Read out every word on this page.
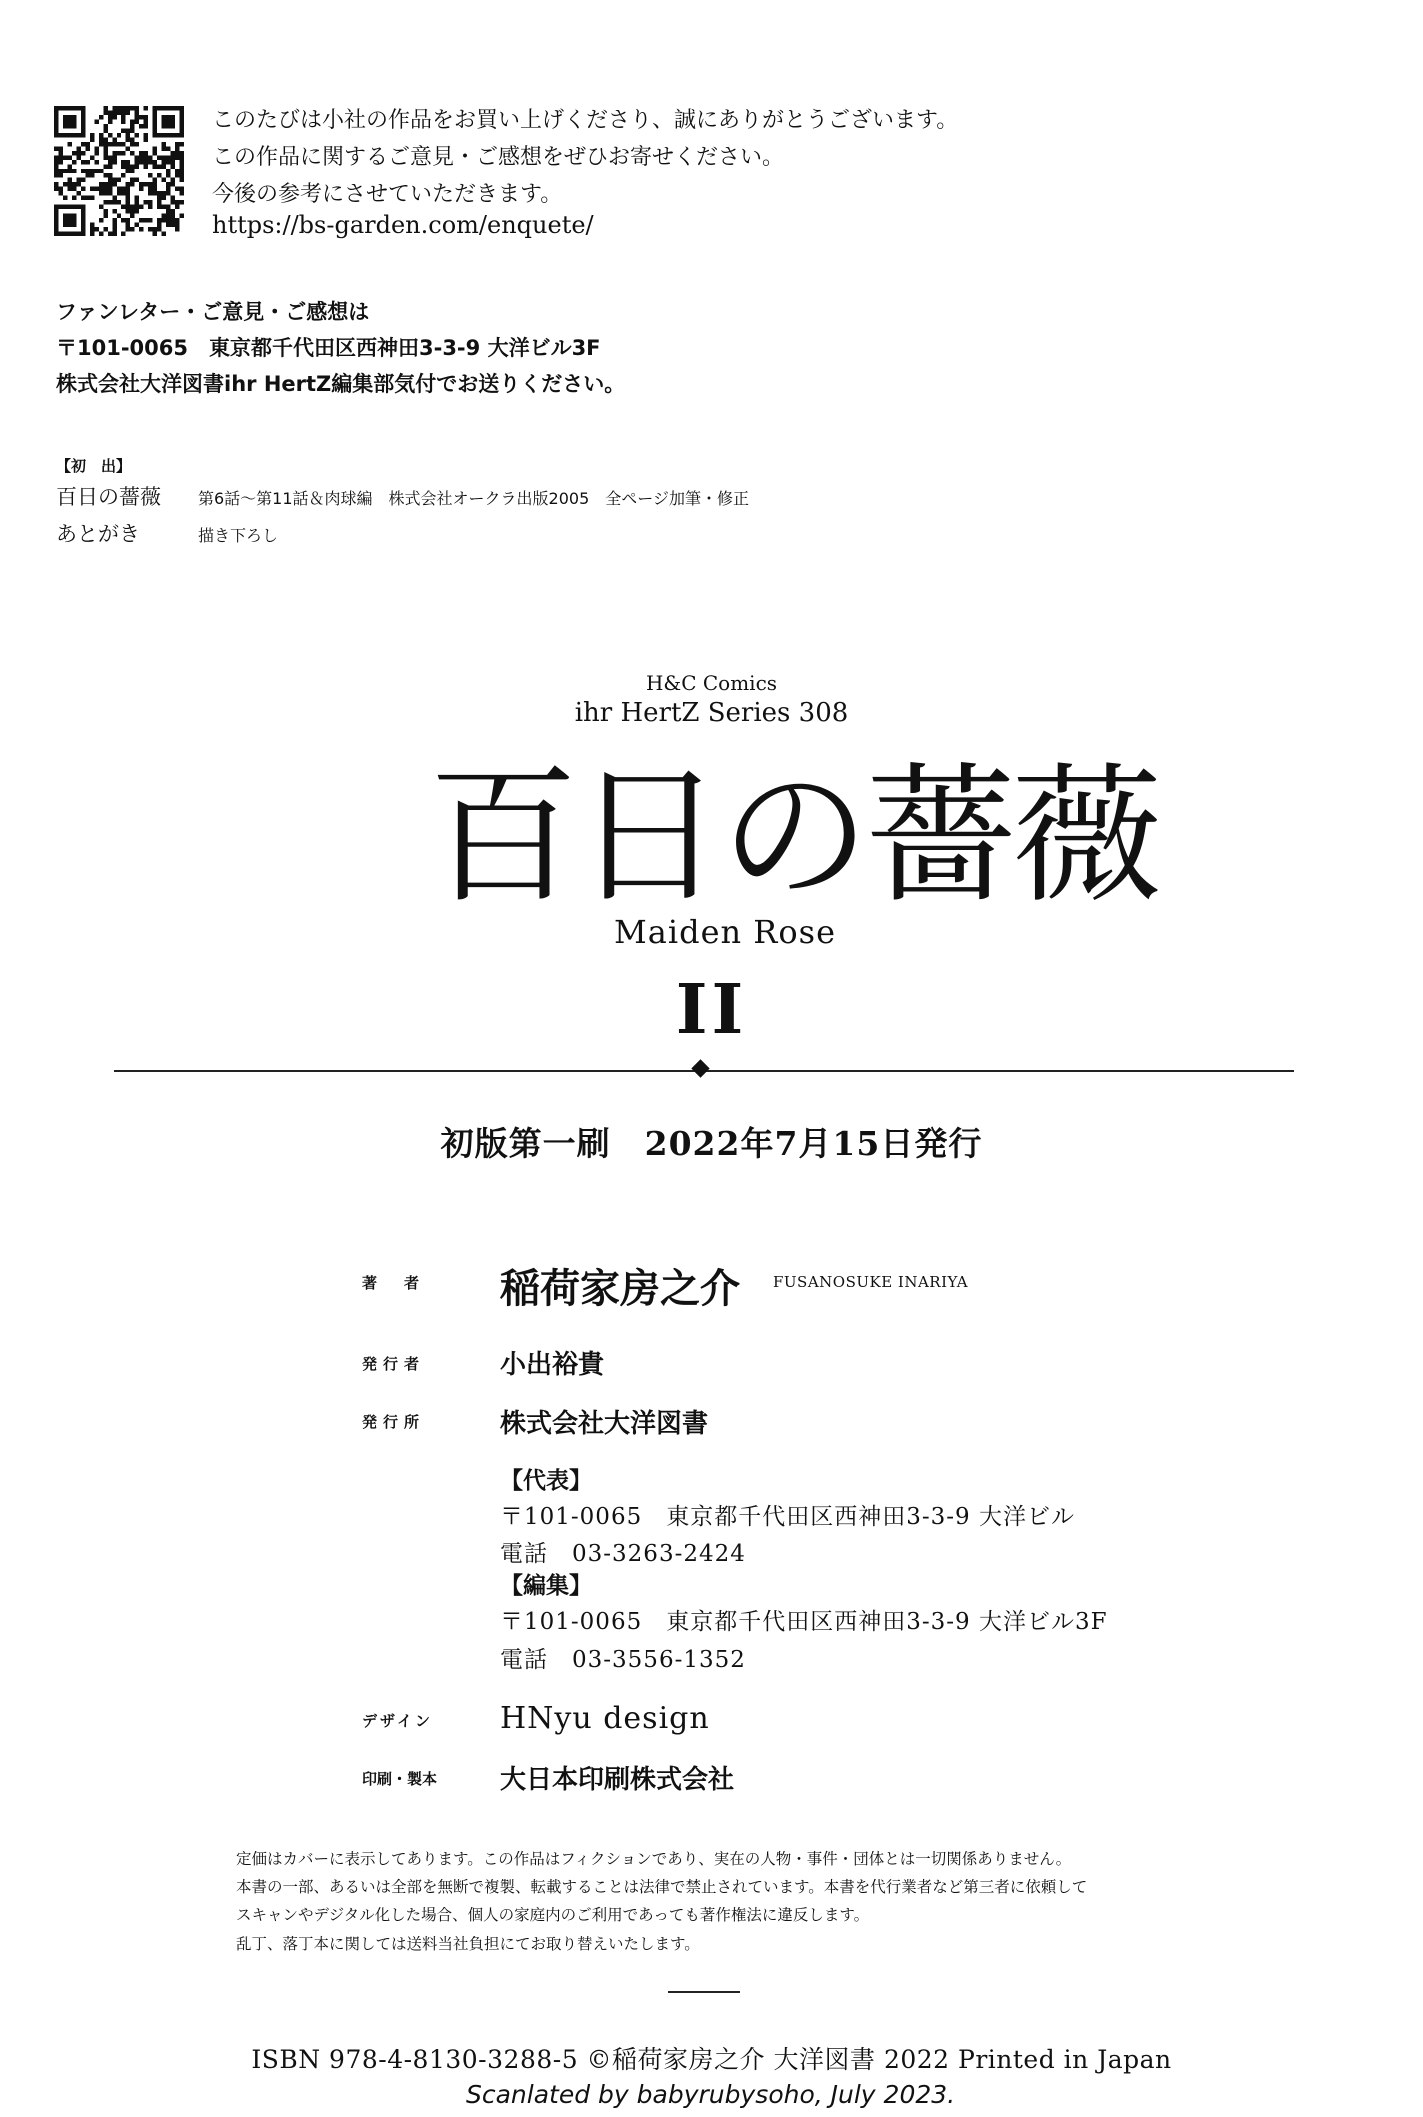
このたびは小社の作品をお買い上げくださり、誠にありがとうございます。
この作品に関するご意見・ご感想をぜひお寄せください。
今後の参考にさせていただきます。
https://bs-garden.com/enquete/
ファンレター・ご意見・ご感想は
〒101-0065　東京都千代田区西神田3-3-9 大洋ビル3F
株式会社大洋図書ihr HertZ編集部気付でお送りください。
【初　出】
百日の薔薇 第6話～第11話＆肉球編　株式会社オークラ出版2005　全ページ加筆・修正
あとがき	描き下ろし
H&C Comics
ihr HertZ Series 308
百日の薔薇
Maiden Rose
II
初版第一刷　2022年7月15日発行
著　者 稲荷家房之介 FUSANOSUKE INARIYA
発行者	小出裕貴
発行所	株式会社大洋図書
【代表】
〒101-0065　東京都千代田区西神田3-3-9 大洋ビル
電話　03-3263-2424
【編集】
〒101-0065　東京都千代田区西神田3-3-9 大洋ビル3F
電話　03-3556-1352
デザイン HNyu design
印刷・製本 大日本印刷株式会社
定価はカバーに表示してあります。この作品はフィクションであり、実在の人物・事件・団体とは一切関係ありません。
本書の一部、あるいは全部を無断で複製、転載することは法律で禁止されています。本書を代行業者など第三者に依頼して
スキャンやデジタル化した場合、個人の家庭内のご利用であっても著作権法に違反します。
乱丁、落丁本に関しては送料当社負担にてお取り替えいたします。
ISBN 978-4-8130-3288-5 ©稲荷家房之介 大洋図書 2022 Printed in Japan
Scanlated by babyrubysoho, July 2023.
